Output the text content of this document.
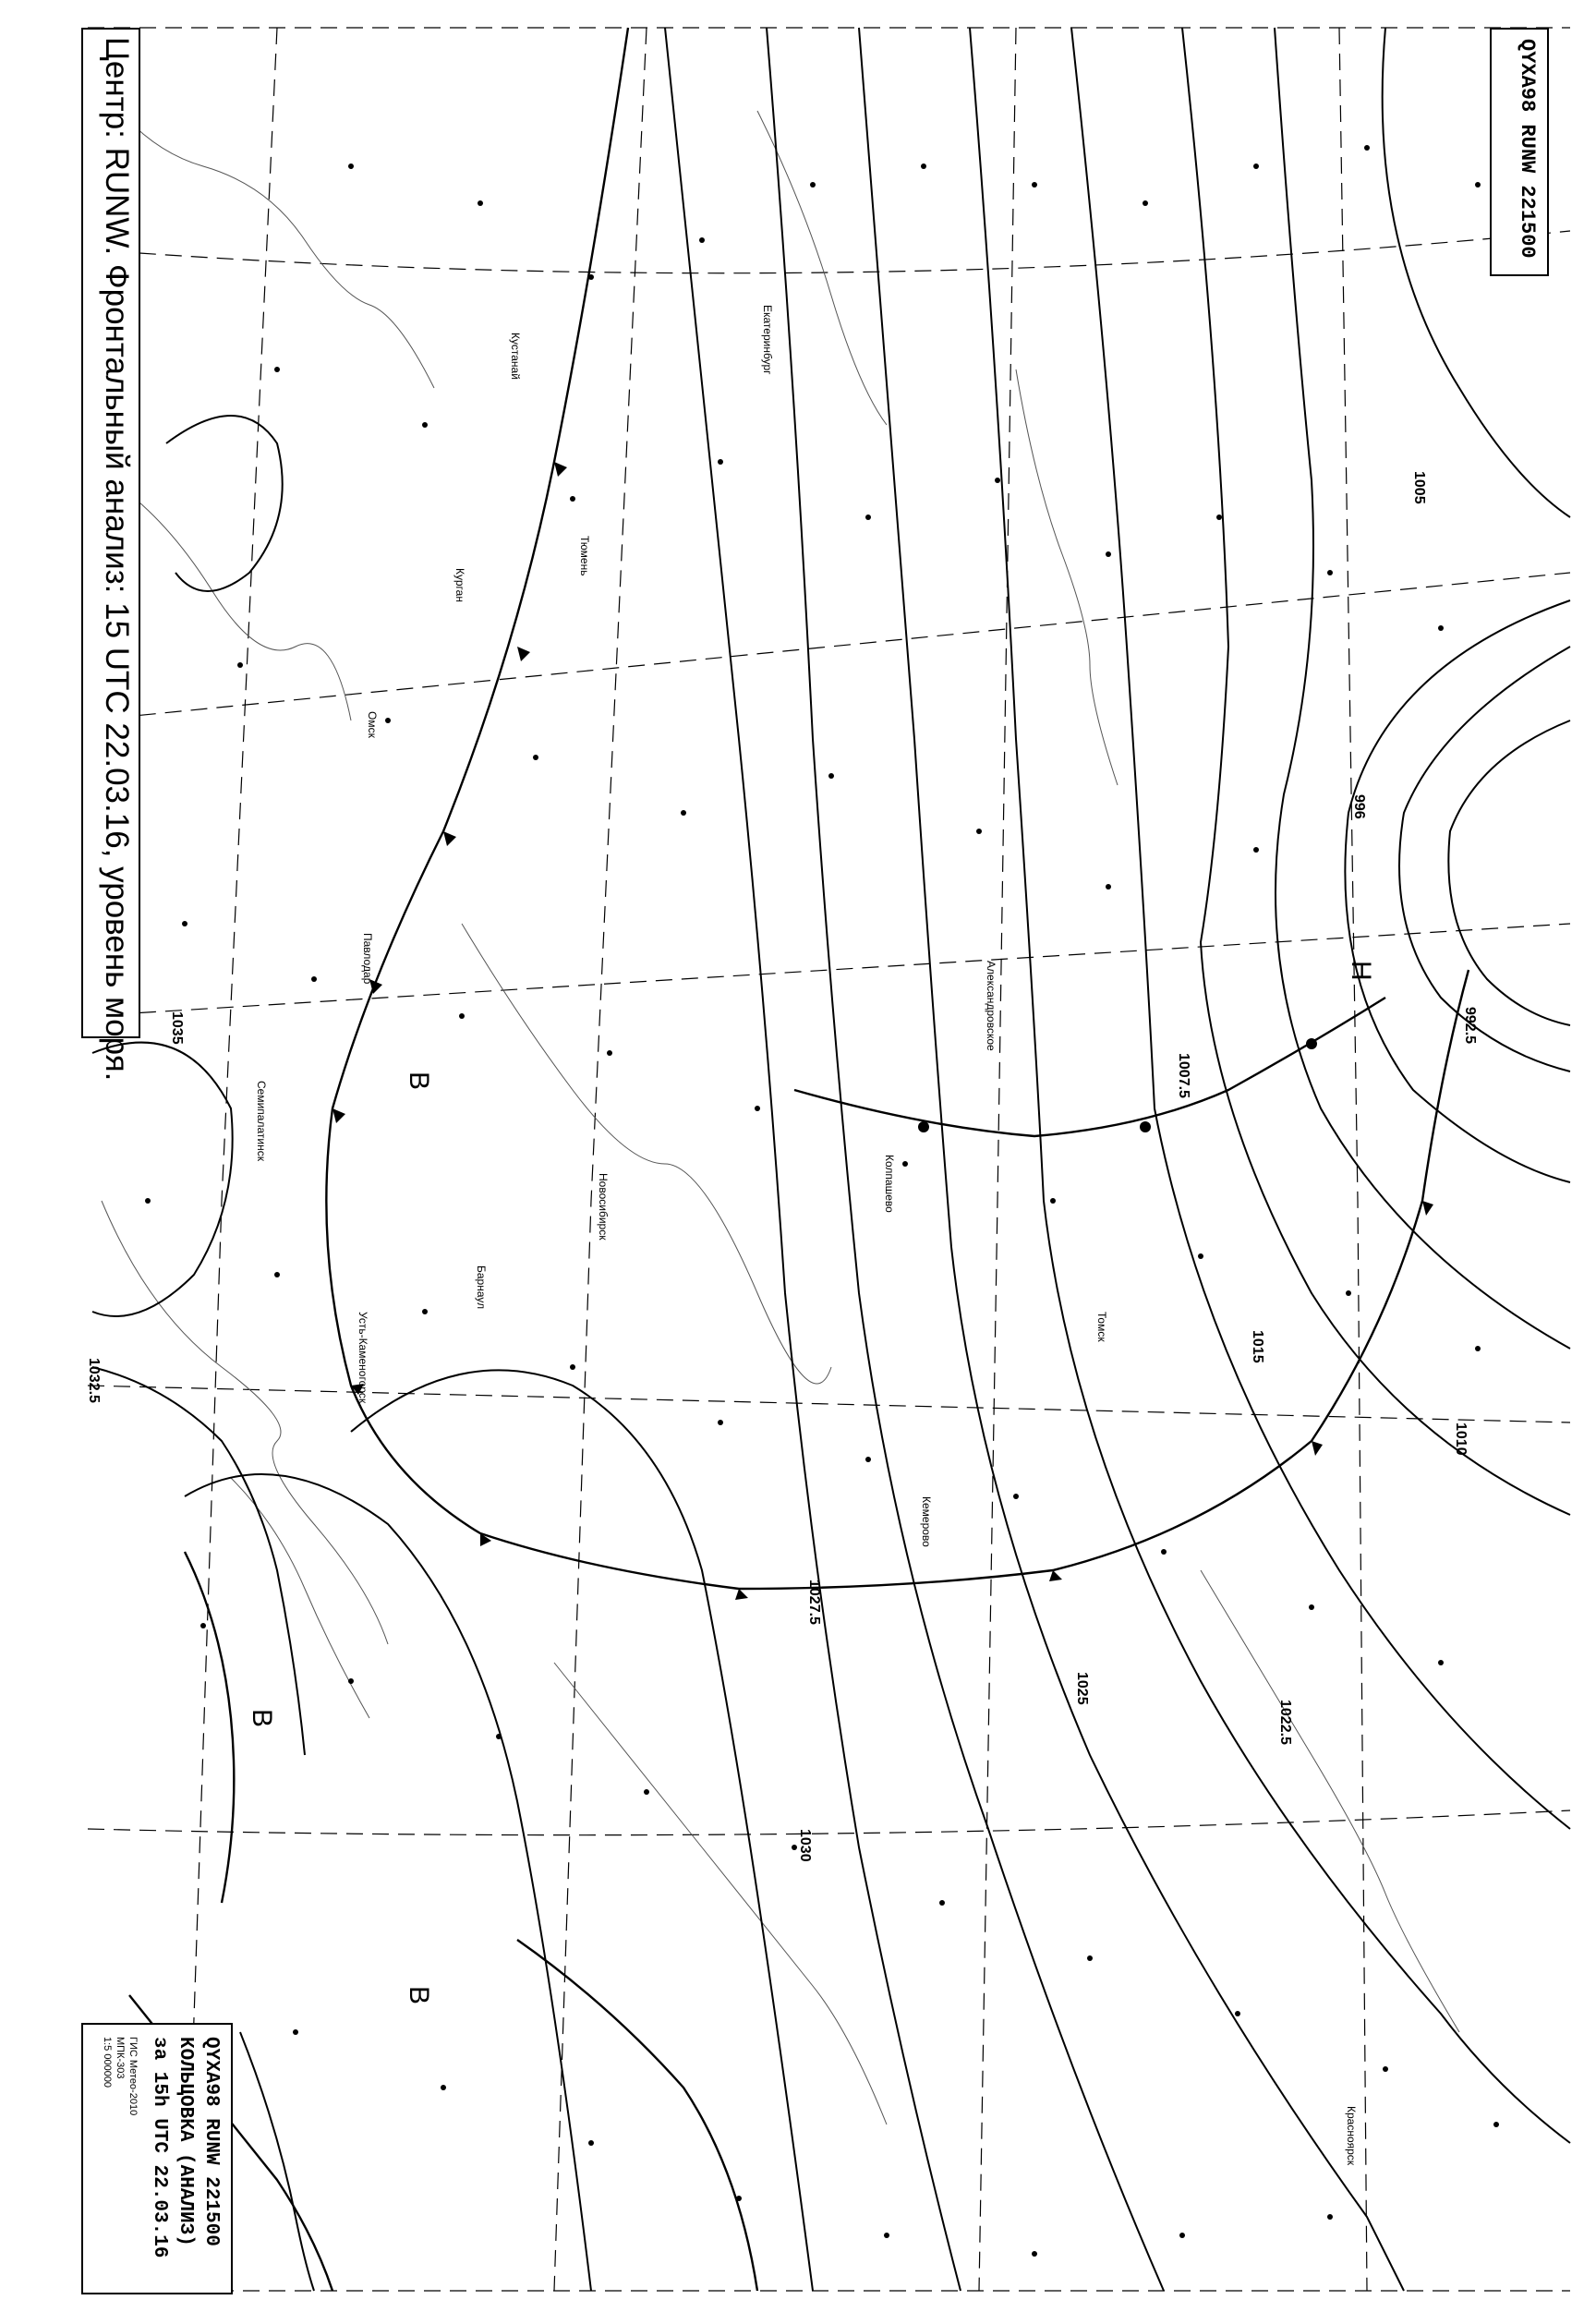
Центр: RUNW. Фронтальный анализ: 15 UTC 22.03.16, уровень моря.	QYXA98 RUNW 221500
QYXA98 RUNW 221500
КОЛЬЦОВКА (АНАЛИЗ)
за 15h UTC 22.03.16
ГИС Метео-2010
МПК-303
1:5 000000
1005
1010
1015
1025
1030
1035
1032.5
1027.5
996
992.5
1007.5
1022.5
В
В
В
Н
Екатеринбург
Кустанай
Курган
Новосибирск
Барнаул
Павлодар
Александровское
Колпашево
Омск
Тюмень
Семипалатинск
Усть-Каменогорск	Томск
Красноярск
Кемерово
